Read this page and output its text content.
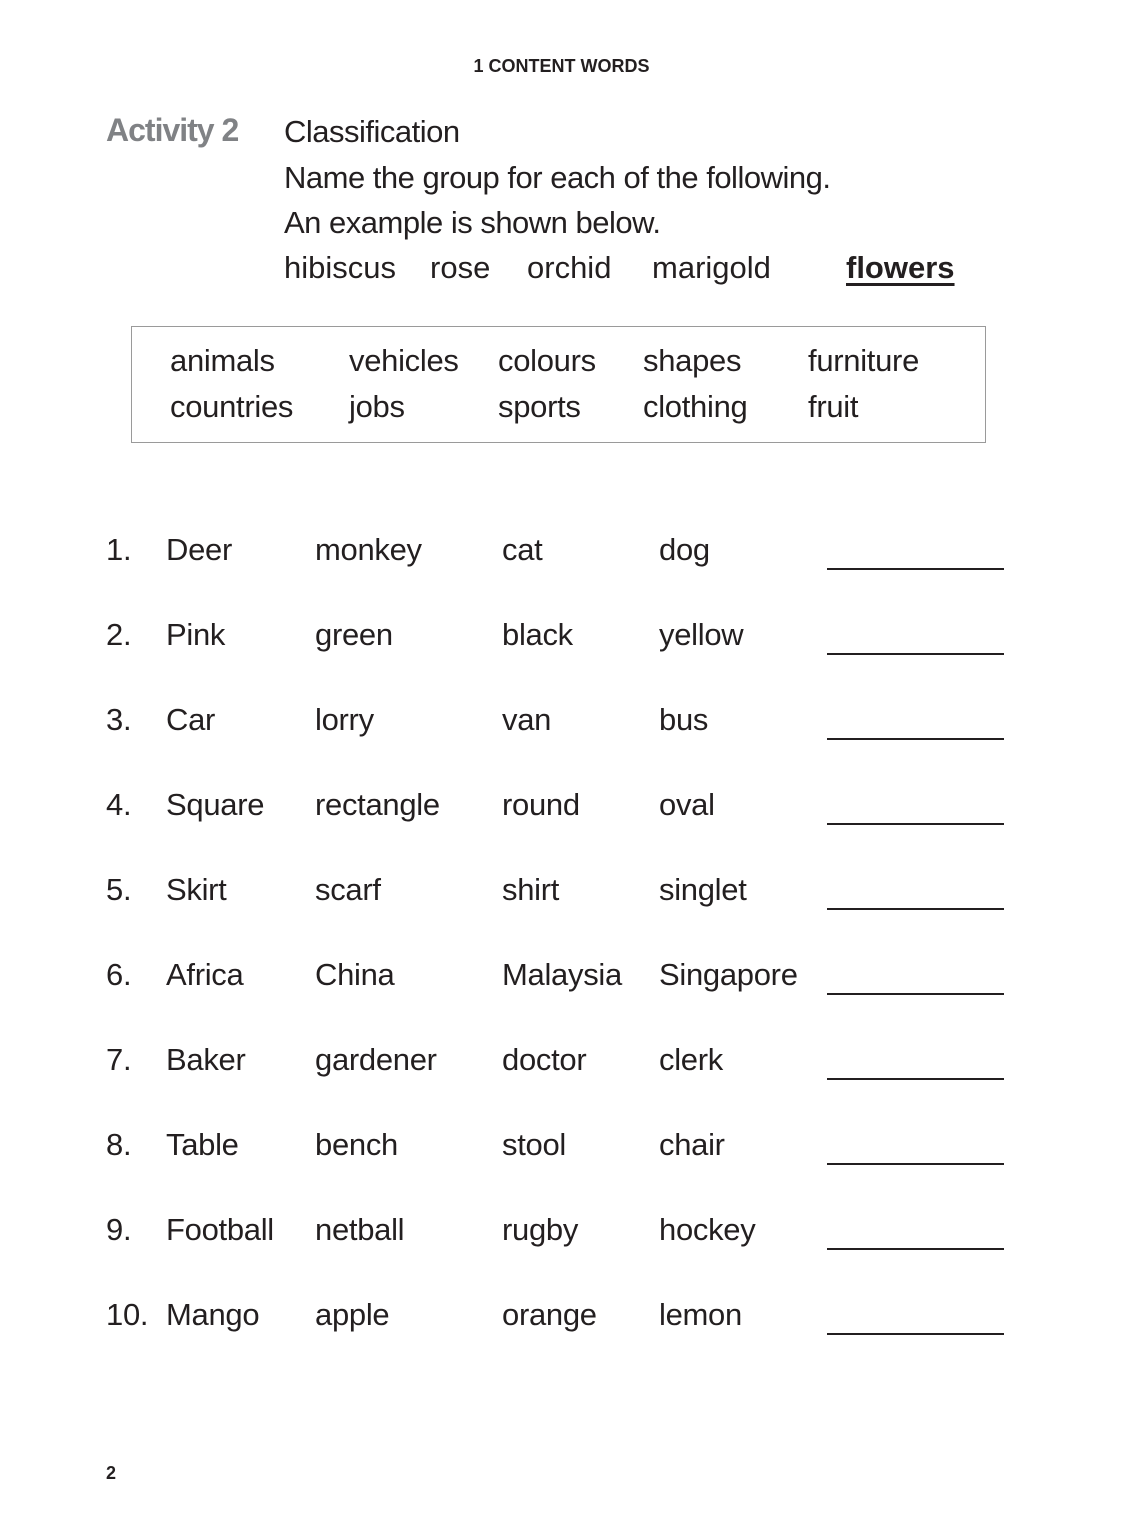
1 CONTENT WORDS
Activity 2 Classification
Name the group for each of the following.
An example is shown below.
hibiscus rose orchid marigold flowers
animals vehicles colours shapes furniture
countries jobs	sports clothing fruit
1. Deer	monkey	cat	dog
2. Pink	green	black	yellow
3. Car	lorry	van	bus
4. Square rectangle round	oval
5. Skirt	scarf	shirt	singlet
6. Africa China	Malaysia Singapore
7. Baker gardener doctor clerk
8. Table bench	stool	chair
9. Football netball	rugby	hockey
10. Mango apple	orange lemon
2
